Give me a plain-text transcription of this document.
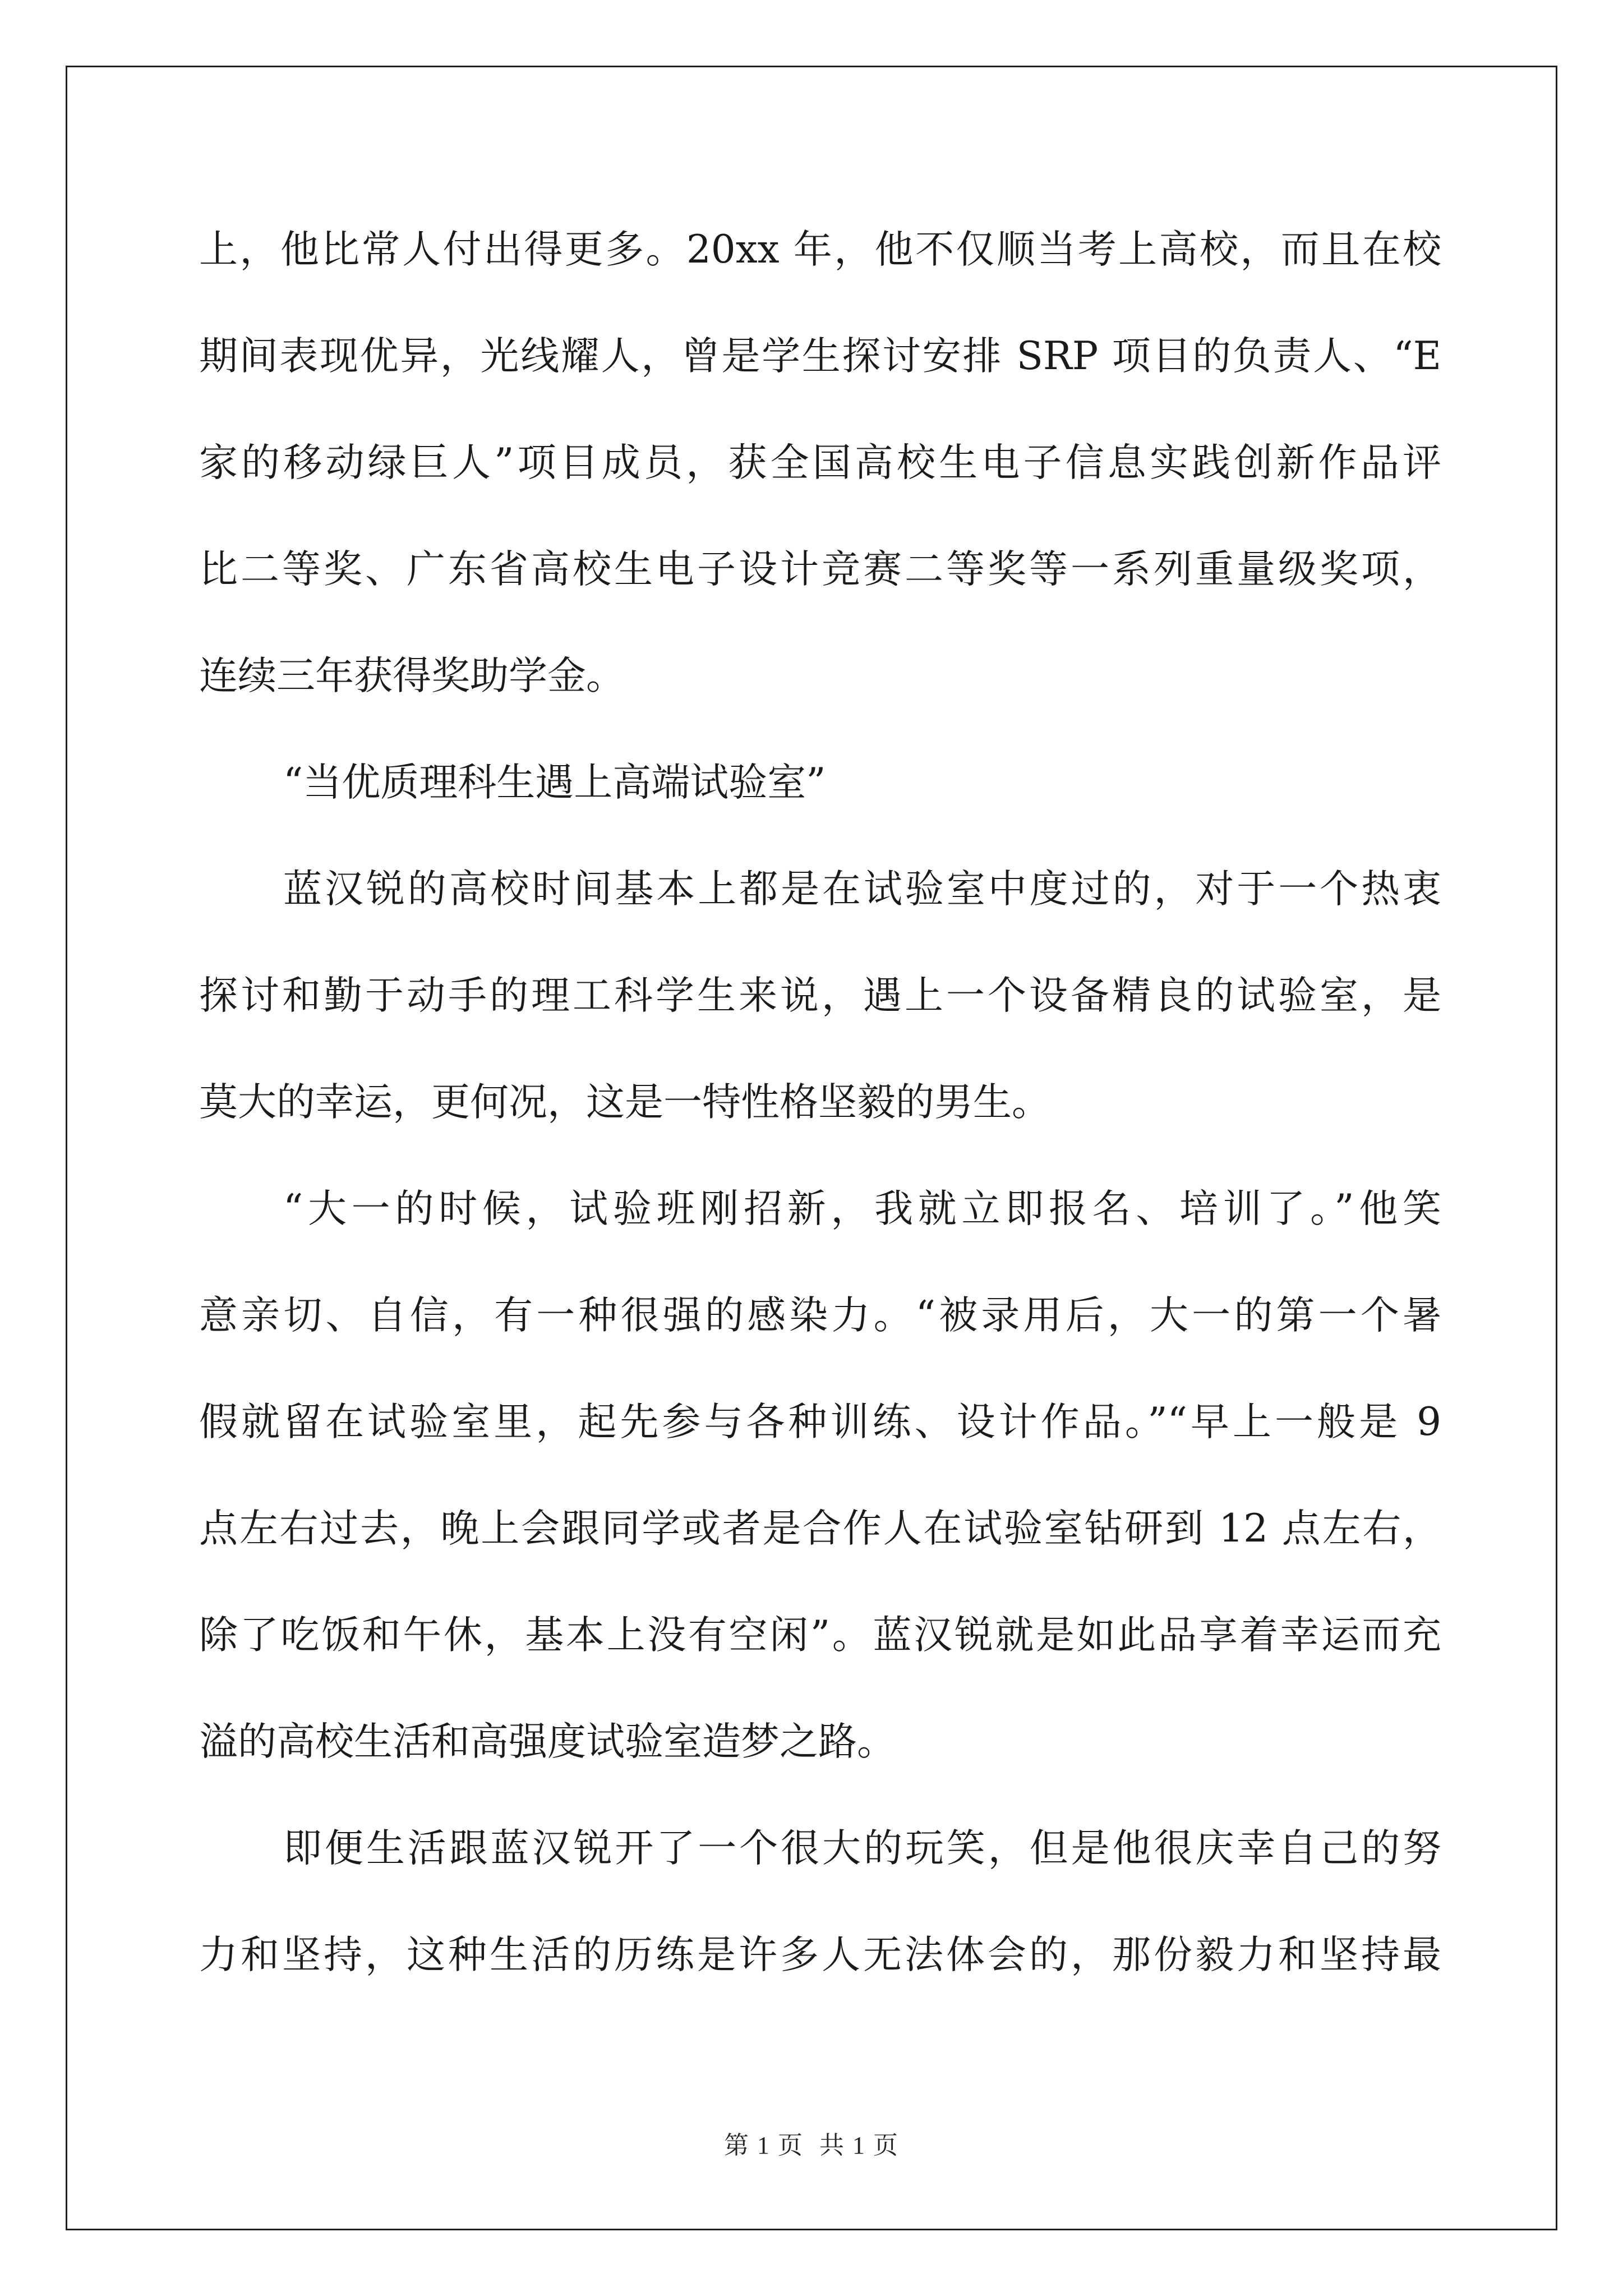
上，他比常人付出得更多。20xx 年，他不仅顺当考上高校，而且在校
期间表现优异，光线耀人，曾是学生探讨安排 SRP 项目的负责人、“E
家的移动绿巨人”项目成员，获全国高校生电子信息实践创新作品评
比二等奖、广东省高校生电子设计竞赛二等奖等一系列重量级奖项，
连续三年获得奖助学金。
“当优质理科生遇上高端试验室”
蓝汉锐的高校时间基本上都是在试验室中度过的，对于一个热衷
探讨和勤于动手的理工科学生来说，遇上一个设备精良的试验室，是
莫大的幸运，更何况，这是一特性格坚毅的男生。
“大一的时候，试验班刚招新，我就立即报名、培训了。”他笑
意亲切、自信，有一种很强的感染力。“被录用后，大一的第一个暑
假就留在试验室里，起先参与各种训练、设计作品。”“早上一般是 9
点左右过去，晚上会跟同学或者是合作人在试验室钻研到 12 点左右，
除了吃饭和午休，基本上没有空闲”。蓝汉锐就是如此品享着幸运而充
溢的高校生活和高强度试验室造梦之路。
即便生活跟蓝汉锐开了一个很大的玩笑，但是他很庆幸自己的努
力和坚持，这种生活的历练是许多人无法体会的，那份毅力和坚持最
第 1 页 共 1 页
